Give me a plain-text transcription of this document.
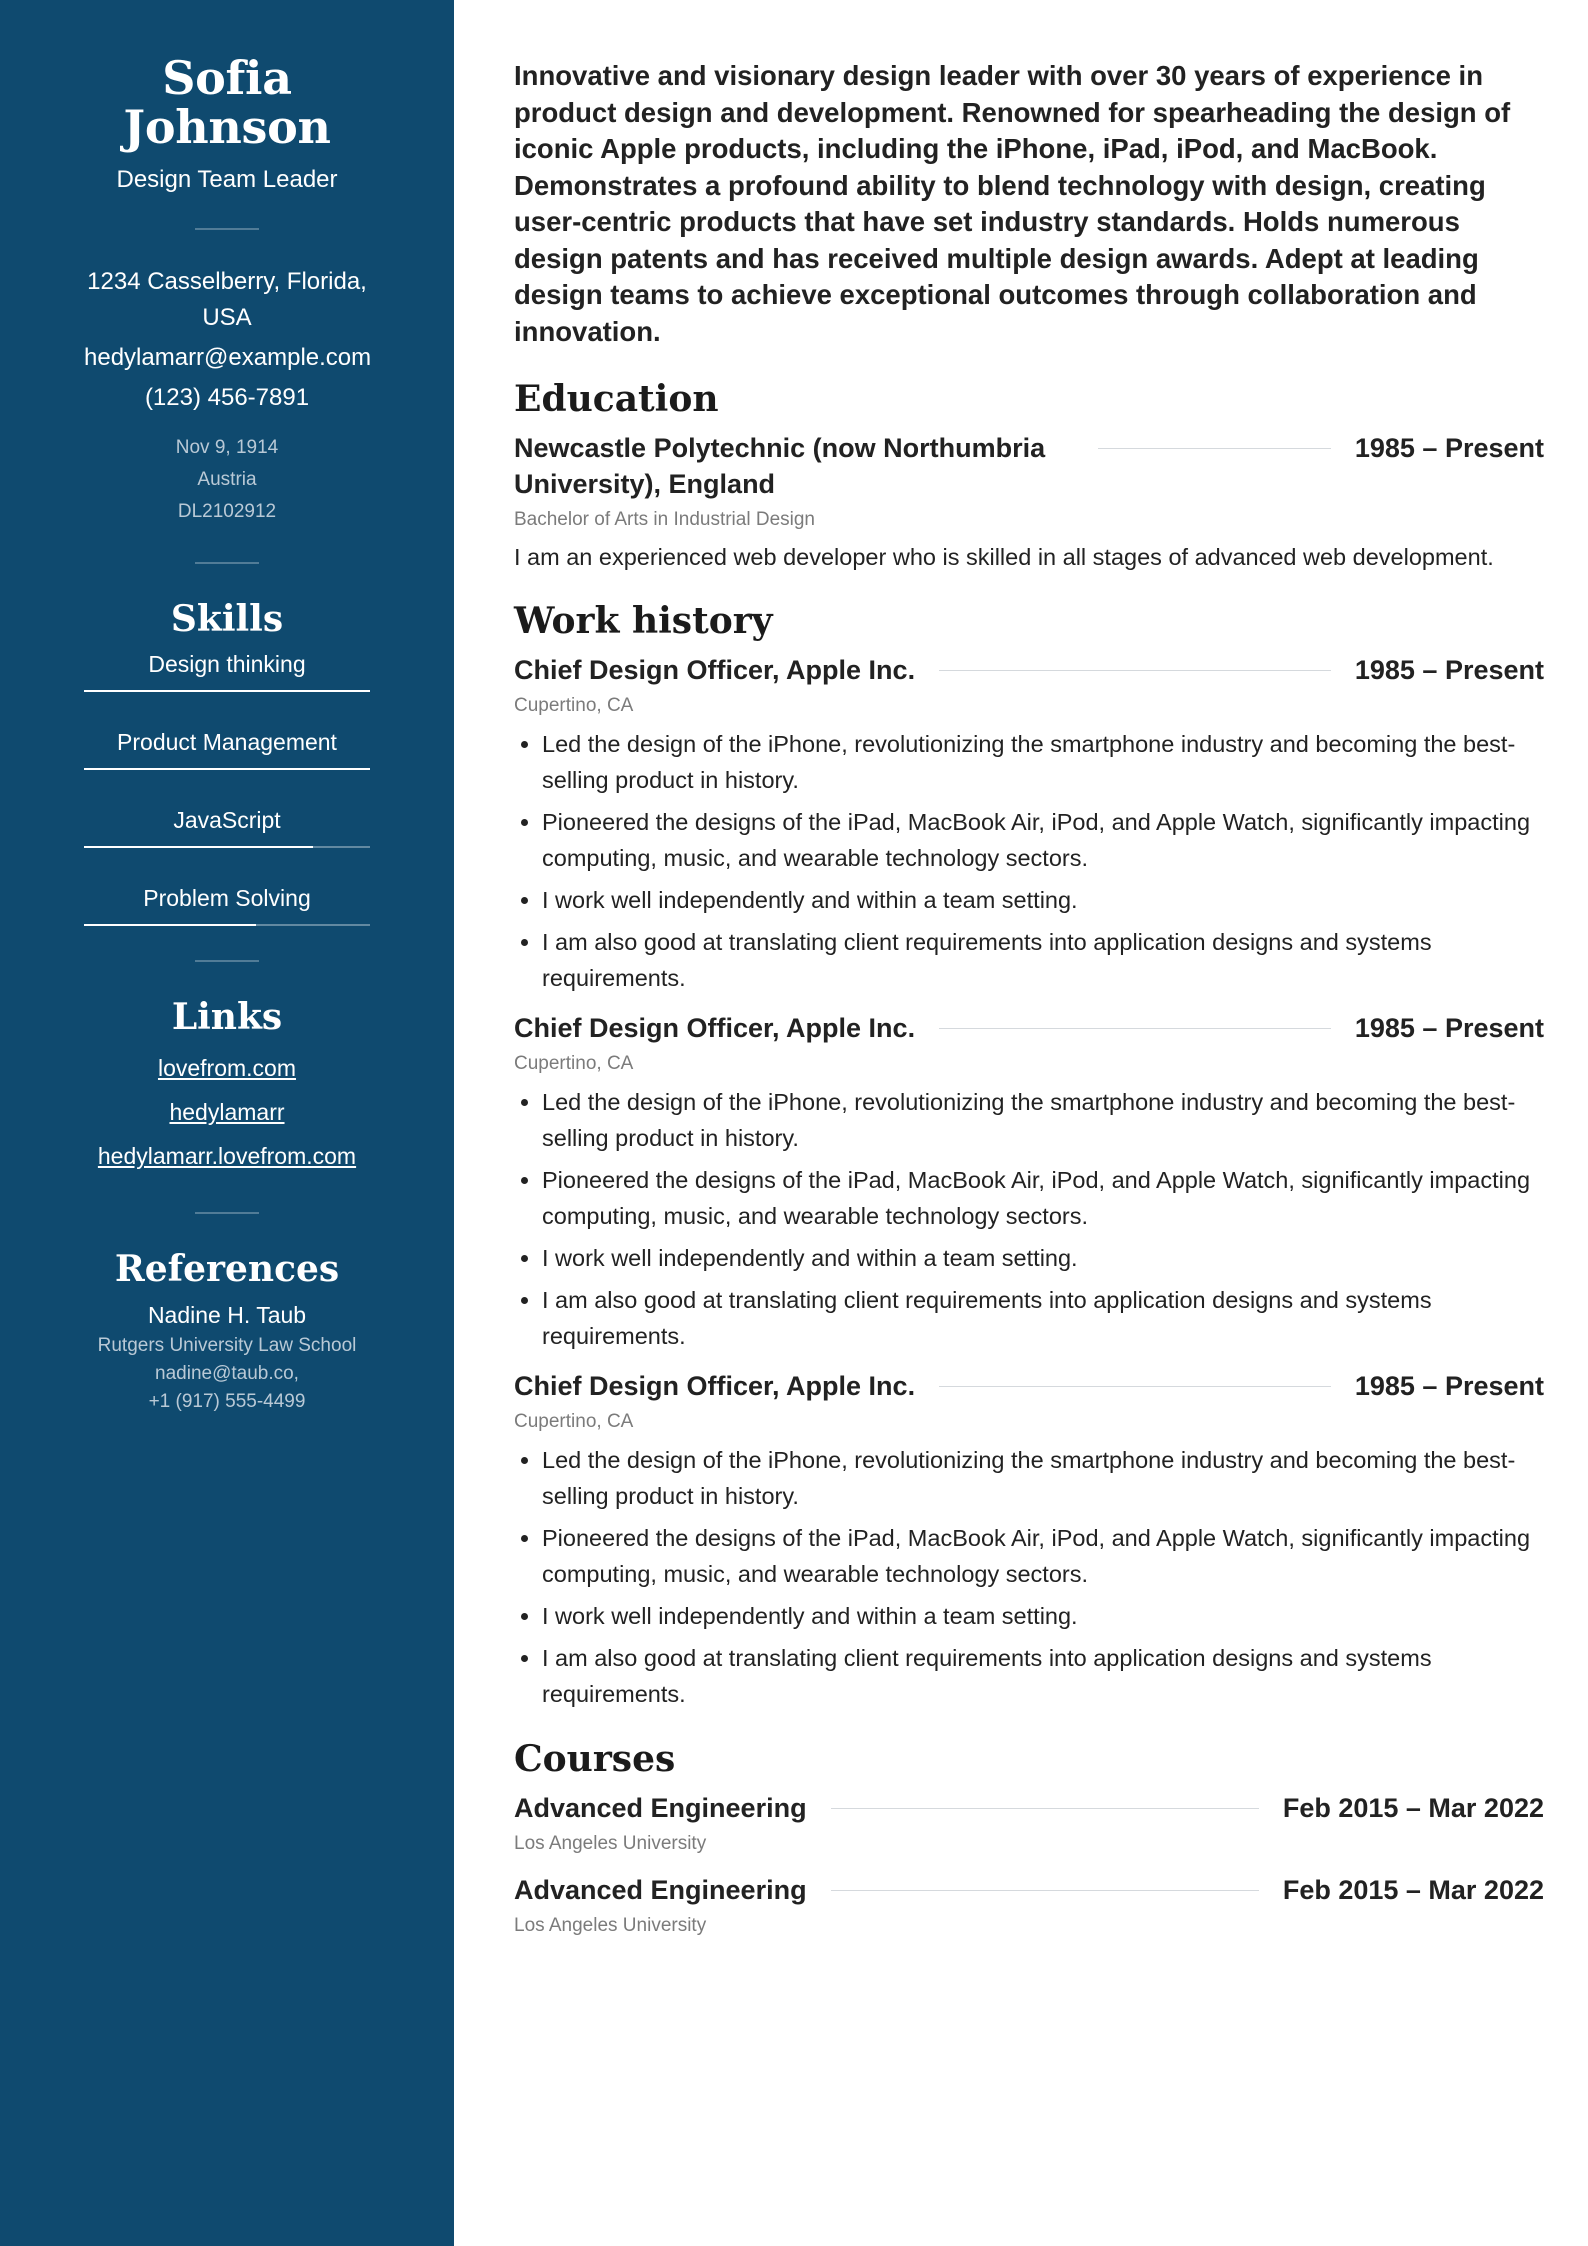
Sofia
Johnson
Design Team Leader
1234 Casselberry, Florida, USA
hedylamarr@example.com
(123) 456-7891
Nov 9, 1914
Austria
DL2102912
Skills
Design thinking
Product Management
JavaScript
Problem Solving
Links
lovefrom.com
hedylamarr
hedylamarr.lovefrom.com
References
Nadine H. Taub
Rutgers University Law School
nadine@taub.co,
+1 (917) 555-4499

Innovative and visionary design leader with over 30 years of experience in product design and development. Renowned for spearheading the design of iconic Apple products, including the iPhone, iPad, iPod, and MacBook. Demonstrates a profound ability to blend technology with design, creating user-centric products that have set industry standards. Holds numerous design patents and has received multiple design awards. Adept at leading design teams to achieve exceptional outcomes through collaboration and innovation.

Education
Newcastle Polytechnic (now Northumbria University), England
1985 – Present
Bachelor of Arts in Industrial Design
I am an experienced web developer who is skilled in all stages of advanced web development.
Work history
Chief Design Officer, Apple Inc.	1985 – Present
Cupertino, CA
• Led the design of the iPhone, revolutionizing the smartphone industry and becoming the best-selling product in history.
• Pioneered the designs of the iPad, MacBook Air, iPod, and Apple Watch, significantly impacting computing, music, and wearable technology sectors.
• I work well independently and within a team setting.
• I am also good at translating client requirements into application designs and systems requirements.
Chief Design Officer, Apple Inc.	1985 – Present
Cupertino, CA
• Led the design of the iPhone, revolutionizing the smartphone industry and becoming the best-selling product in history.
• Pioneered the designs of the iPad, MacBook Air, iPod, and Apple Watch, significantly impacting computing, music, and wearable technology sectors.
• I work well independently and within a team setting.
• I am also good at translating client requirements into application designs and systems requirements.
Chief Design Officer, Apple Inc.	1985 – Present
Cupertino, CA
• Led the design of the iPhone, revolutionizing the smartphone industry and becoming the best-selling product in history.
• Pioneered the designs of the iPad, MacBook Air, iPod, and Apple Watch, significantly impacting computing, music, and wearable technology sectors.
• I work well independently and within a team setting.
• I am also good at translating client requirements into application designs and systems requirements.
Courses
Advanced Engineering	Feb 2015 – Mar 2022
Los Angeles University
Advanced Engineering	Feb 2015 – Mar 2022
Los Angeles University
